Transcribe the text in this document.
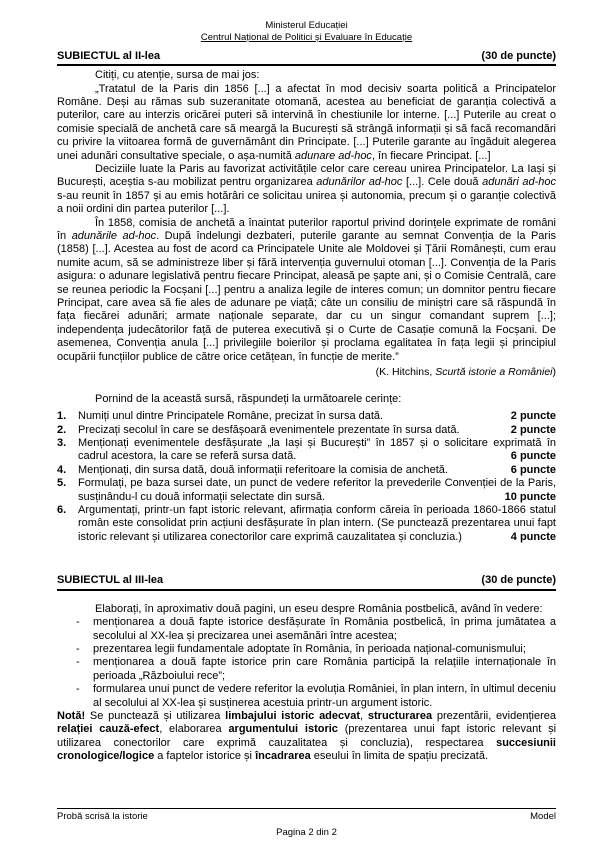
Ministerul Educației
Centrul Național de Politici și Evaluare în Educație
SUBIECTUL al II-lea	(30 de puncte)

Citiți, cu atenție, sursa de mai jos:

„Tratatul de la Paris din 1856 [...] a afectat în mod decisiv soarta politică a Principatelor Române. Deși au rămas sub suzeranitate otomană, acestea au beneficiat de garanția colectivă a puterilor, care au interzis oricărei puteri să intervină în chestiunile lor interne. [...] Puterile au creat o comisie specială de anchetă care să meargă la București să strângă informații și să facă recomandări cu privire la viitoarea formă de guvernământ din Principate. [...] Puterile garante au îngăduit alegerea unei adunări consultative speciale, o așa-numită adunare ad-hoc, în fiecare Principat. [...]

Deciziile luate la Paris au favorizat activitățile celor care cereau unirea Principatelor. La Iași și București, aceștia s-au mobilizat pentru organizarea adunărilor ad-hoc [...]. Cele două adunări ad-hoc s-au reunit în 1857 și au emis hotărâri ce solicitau unirea și autonomia, precum și o garanție colectivă a noii ordini din partea puterilor [...].

În 1858, comisia de anchetă a înaintat puterilor raportul privind dorințele exprimate de români în adunările ad-hoc. După îndelungi dezbateri, puterile garante au semnat Convenția de la Paris (1858) [...]. Acestea au fost de acord ca Principatele Unite ale Moldovei și Țării Românești, cum erau numite acum, să se administreze liber și fără intervenția guvernului otoman [...]. Convenția de la Paris asigura: o adunare legislativă pentru fiecare Principat, aleasă pe șapte ani, și o Comisie Centrală, care se reunea periodic la Focșani [...] pentru a analiza legile de interes comun; un domnitor pentru fiecare Principat, care avea să fie ales de adunare pe viață; câte un consiliu de miniștri care să răspundă în fața fiecărei adunări; armate naționale separate, dar cu un singur comandant suprem [...]; independența judecătorilor față de puterea executivă și o Curte de Casație comună la Focșani. De asemenea, Convenția anula [...] privilegiile boierilor și proclama egalitatea în fața legii și principiul ocupării funcțiilor publice de către orice cetățean, în funcție de merite.”

(K. Hitchins, Scurtă istorie a României)

Pornind de la această sursă, răspundeți la următoarele cerințe:

1.	Numiți unul dintre Principatele Române, precizat în sursa dată.	2 puncte
2.	Precizați secolul în care se desfășoară evenimentele prezentate în sursa dată.	2 puncte
3.	Menționați evenimentele desfășurate „la Iași și București” în 1857 și o solicitare exprimată în cadrul acestora, la care se referă sursa dată.	6 puncte
4.	Menționați, din sursa dată, două informații referitoare la comisia de anchetă.	6 puncte
5.	Formulați, pe baza sursei date, un punct de vedere referitor la prevederile Convenției de la Paris, susținându-l cu două informații selectate din sursă.	10 puncte
6.	Argumentați, printr-un fapt istoric relevant, afirmația conform căreia în perioada 1860-1866 statul român este consolidat prin acțiuni desfășurate în plan intern. (Se punctează prezentarea unui fapt istoric relevant și utilizarea conectorilor care exprimă cauzalitatea și concluzia.)	4 puncte
SUBIECTUL al III-lea	(30 de puncte)

Elaborați, în aproximativ două pagini, un eseu despre România postbelică, având în vedere:

-
menționarea a două fapte istorice desfășurate în România postbelică, în prima jumătatea a secolului al XX-lea și precizarea unei asemănări între acestea;
-
prezentarea legii fundamentale adoptate în România, în perioada național-comunismului;
-
menționarea a două fapte istorice prin care România participă la relațiile internaționale în perioada „Războiului rece”;
-
formularea unui punct de vedere referitor la evoluția României, în plan intern, în ultimul deceniu al secolului al XX-lea și susținerea acestuia printr-un argument istoric.

Notă! Se punctează și utilizarea limbajului istoric adecvat, structurarea prezentării, evidențierea relației cauză-efect, elaborarea argumentului istoric (prezentarea unui fapt istoric relevant și utilizarea conectorilor care exprimă cauzalitatea și concluzia), respectarea succesiunii cronologice/logice a faptelor istorice și încadrarea eseului în limita de spațiu precizată.

Probă scrisă la istorie	Model
Pagina 2 din 2
